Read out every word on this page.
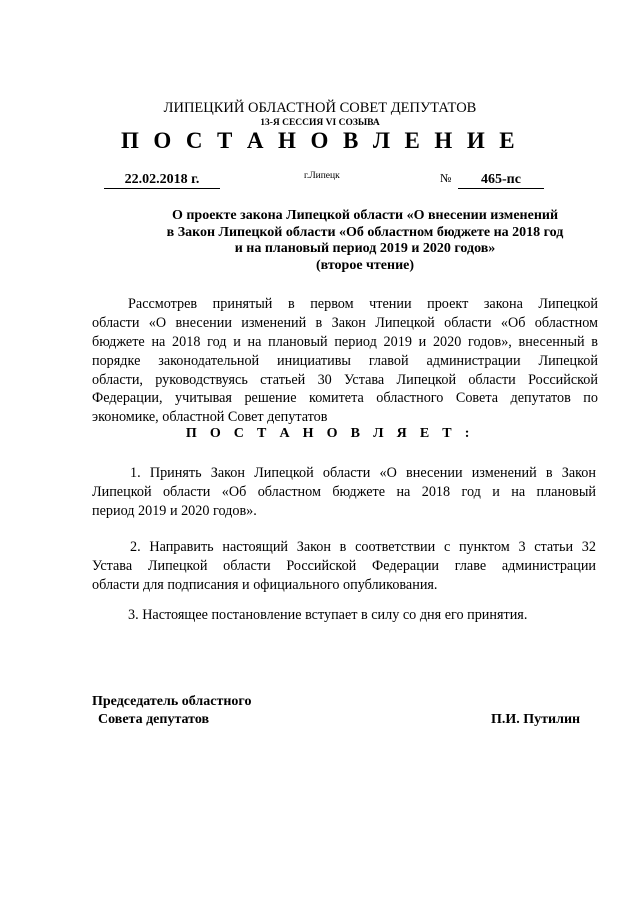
ЛИПЕЦКИЙ ОБЛАСТНОЙ СОВЕТ ДЕПУТАТОВ
13-Я СЕССИЯ VI СОЗЫВА
П О С Т А Н О В Л Е Н И Е
22.02.2018 г.	г.Липецк	№	465-пс
О проекте закона Липецкой области «О внесении изменений
в Закон Липецкой области «Об областном бюджете на 2018 год
и на плановый период 2019 и 2020 годов»
(второе чтение)
Рассмотрев принятый в первом чтении проект закона Липецкой
области «О внесении изменений в Закон Липецкой области «Об областном
бюджете на 2018 год и на плановый период 2019 и 2020 годов», внесенный в
порядке законодательной инициативы главой администрации Липецкой
области, руководствуясь статьей 30 Устава Липецкой области Российской
Федерации, учитывая решение комитета областного Совета депутатов по
экономике, областной Совет депутатов
П О С Т А Н О В Л Я Е Т :
1. Принять Закон Липецкой области «О внесении изменений в Закон
Липецкой области «Об областном бюджете на 2018 год и на плановый
период 2019 и 2020 годов».
2. Направить настоящий Закон в соответствии с пунктом 3 статьи 32
Устава Липецкой области Российской Федерации главе администрации
области для подписания и официального опубликования.
3. Настоящее постановление вступает в силу со дня его принятия.
Председатель областного
Совета депутатов	П.И. Путилин
